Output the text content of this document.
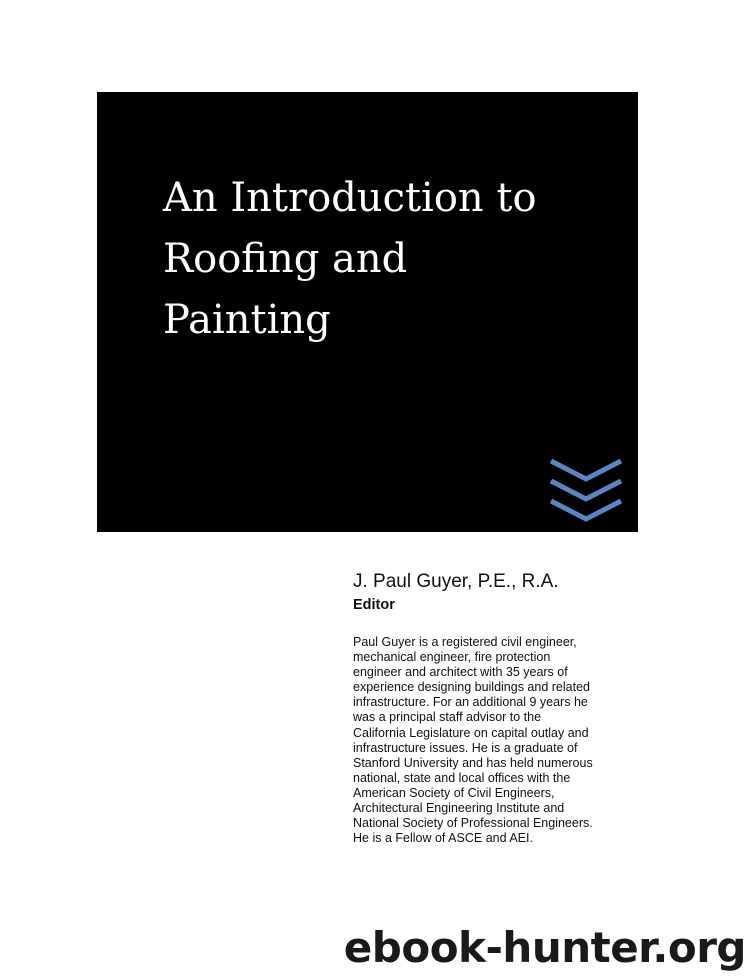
An Introduction to
Roofing and
Painting

J. Paul Guyer, P.E., R.A.

Editor

Paul Guyer is a registered civil engineer,
mechanical engineer, fire protection
engineer and architect with 35 years of
experience designing buildings and related
infrastructure. For an additional 9 years he
was a principal staff advisor to the
California Legislature on capital outlay and
infrastructure issues. He is a graduate of
Stanford University and has held numerous
national, state and local offices with the
American Society of Civil Engineers,
Architectural Engineering Institute and
National Society of Professional Engineers.
He is a Fellow of ASCE and AEI.

ebook-hunter.org
